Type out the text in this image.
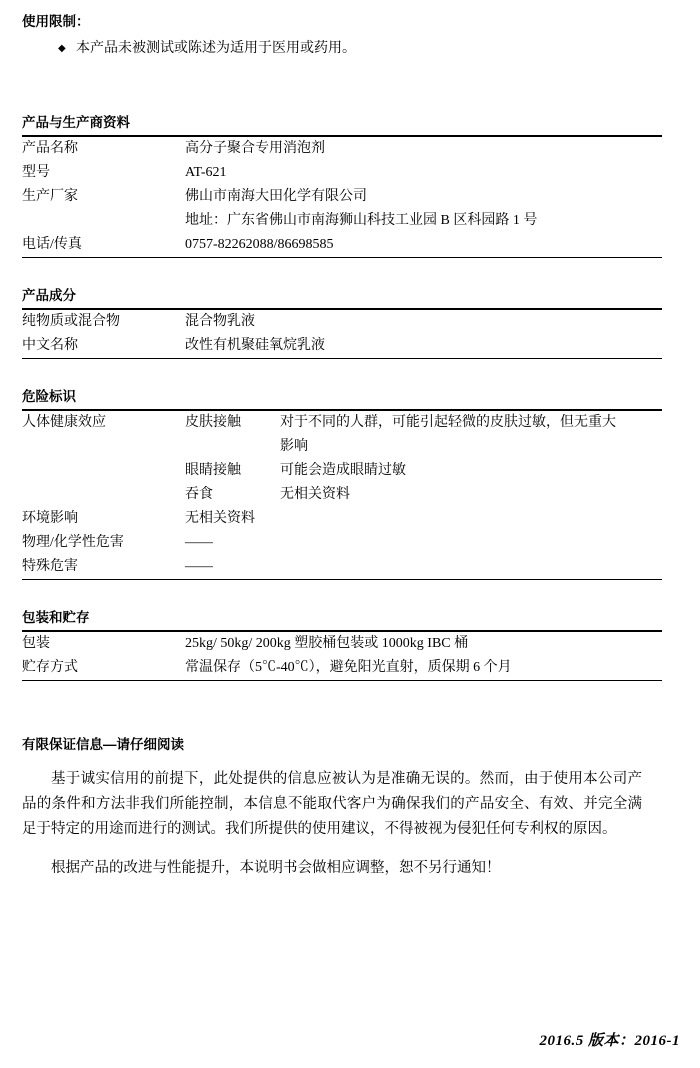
使用限制：
◆ 本产品未被测试或陈述为适用于医用或药用。
产品与生产商资料
产品名称	高分子聚合专用消泡剂
型号	AT-621
生产厂家	佛山市南海大田化学有限公司
	地址：广东省佛山市南海狮山科技工业园 B 区科园路 1 号
电话/传真	0757-82262088/86698585
产品成分
纯物质或混合物	混合物乳液
中文名称	改性有机聚硅氧烷乳液
危险标识
人体健康效应	皮肤接触	对于不同的人群，可能引起轻微的皮肤过敏，但无重大
		影响
	眼睛接触	可能会造成眼睛过敏
	吞食	无相关资料
环境影响	无相关资料	
物理/化学性危害	——	
特殊危害	——	
包装和贮存
包装	25kg/ 50kg/ 200kg 塑胶桶包装或 1000kg IBC 桶
贮存方式	常温保存（5℃-40℃），避免阳光直射，质保期 6 个月
有限保证信息—请仔细阅读
基于诚实信用的前提下，此处提供的信息应被认为是准确无误的。然而，由于使用本公司产品的条件和方法非我们所能控制，本信息不能取代客户为确保我们的产品安全、有效、并完全满足于特定的用途而进行的测试。我们所提供的使用建议，不得被视为侵犯任何专利权的原因。
根据产品的改进与性能提升，本说明书会做相应调整，恕不另行通知！
2016.5 版本：2016-1
